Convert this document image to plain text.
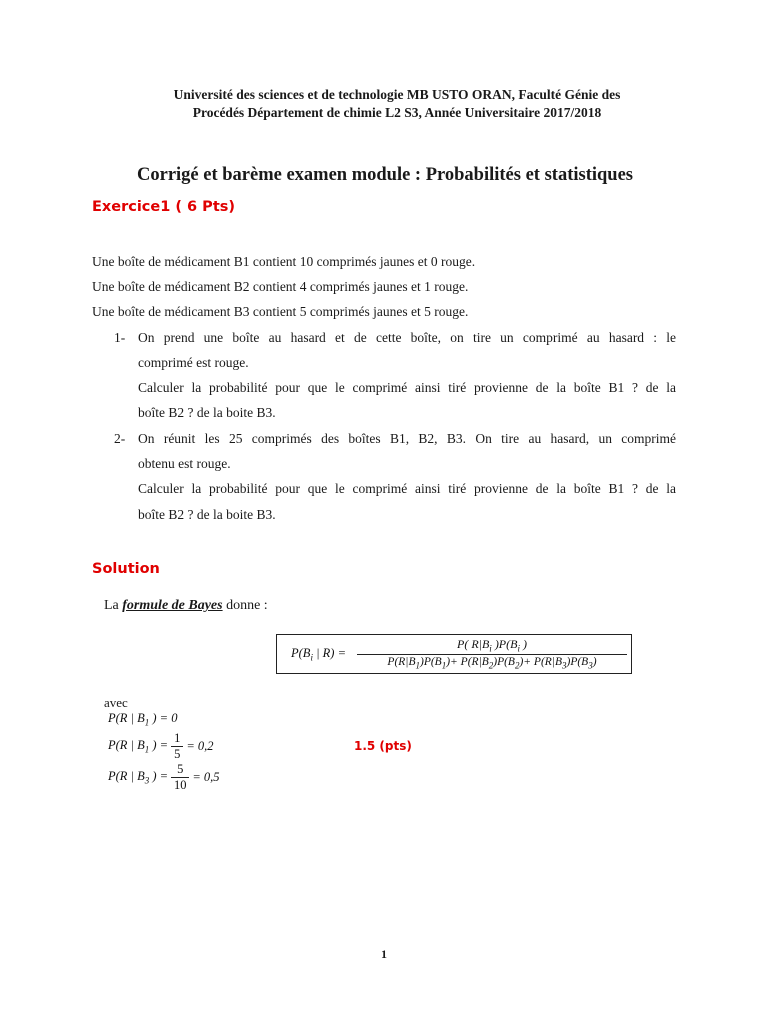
Université des sciences et de technologie MB USTO ORAN, Faculté Génie des
Procédés Département de chimie L2 S3, Année Universitaire 2017/2018
Corrigé et barème examen module : Probabilités et statistiques
Exercice1 ( 6 Pts)
Une boîte de médicament B1 contient 10 comprimés jaunes et 0 rouge.
Une boîte de médicament B2 contient 4 comprimés jaunes et 1 rouge.
Une boîte de médicament B3 contient 5 comprimés jaunes et 5 rouge.
1- On prend une boîte au hasard et de cette boîte, on tire un comprimé au hasard : le
comprimé est rouge.
Calculer la probabilité pour que le comprimé ainsi tiré provienne de la boîte B1 ? de la
boîte B2 ? de la boite B3.
2- On réunit les 25 comprimés des boîtes B1, B2, B3. On tire au hasard, un comprimé
obtenu est rouge.
Calculer la probabilité pour que le comprimé ainsi tiré provienne de la boîte B1 ? de la
boîte B2 ? de la boite B3.
Solution
La formule de Bayes donne :
$P(B_i$ | R) =
P( $R|B_i$ )$P(B_i$ )
$P(R|B_1)P(B_1)+ P(R|B_2)P(B_2)+ P(R|B_3)P(B_3)$
avec
P(R | $B_1$ ) = 0
P(R | $B_1$ ) = $\frac{1}{5}$
= 0,2
P(R | $B_3$ ) = $\frac{5}{10}$
= 0,5
1.5 (pts)
1
